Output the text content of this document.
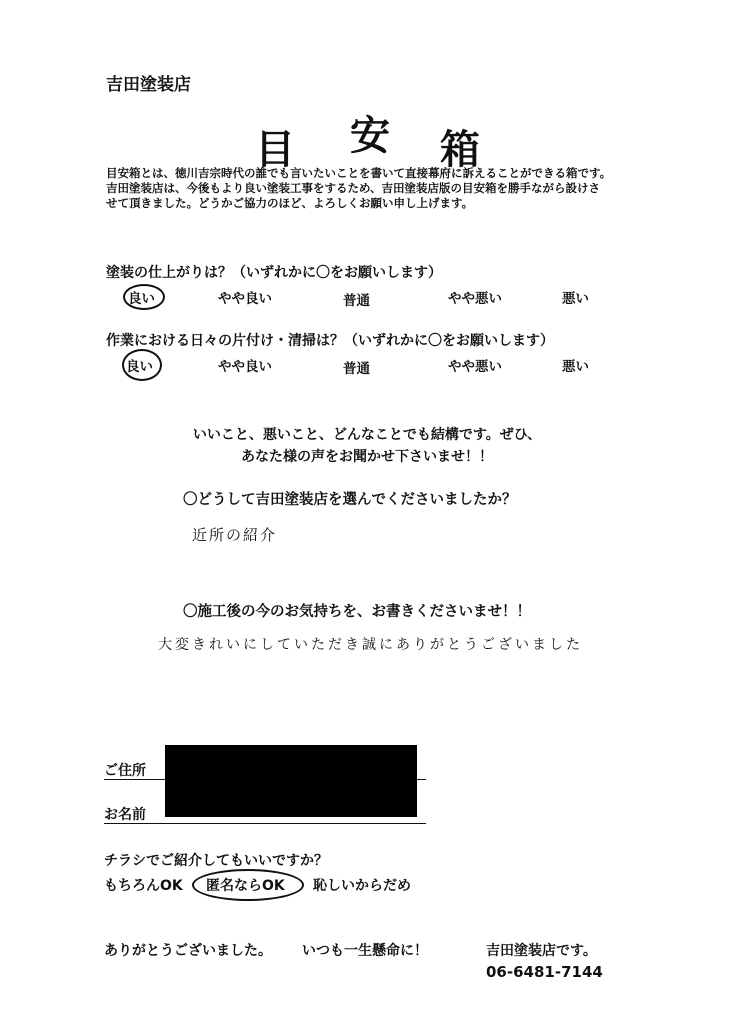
吉田塗装店
目 安 箱
目安箱とは、徳川吉宗時代の誰でも言いたいことを書いて直接幕府に訴えることができる箱です。
吉田塗装店は、今後もより良い塗装工事をするため、吉田塗装店版の目安箱を勝手ながら設けさ
せて頂きました。どうかご協力のほど、よろしくお願い申し上げます。
塗装の仕上がりは？（いずれかに〇をお願いします）
良い	やや良い	普通	やや悪い	悪い
作業における日々の片付け・清掃は？（いずれかに〇をお願いします）
良い	やや良い	普通	やや悪い	悪い
いいこと、悪いこと、どんなことでも結構です。ぜひ、
あなた様の声をお聞かせ下さいませ！！
〇どうして吉田塗装店を選んでくださいましたか？
近所の紹介
〇施工後の今のお気持ちを、お書きくださいませ！！
大変きれいにしていただき誠にありがとうございました
ご住所
お名前
チラシでご紹介してもいいですか？
もちろんOK 匿名ならOK 恥しいからだめ
ありがとうございました。 いつも一生懸命に！	吉田塗装店です。
06-6481-7144
